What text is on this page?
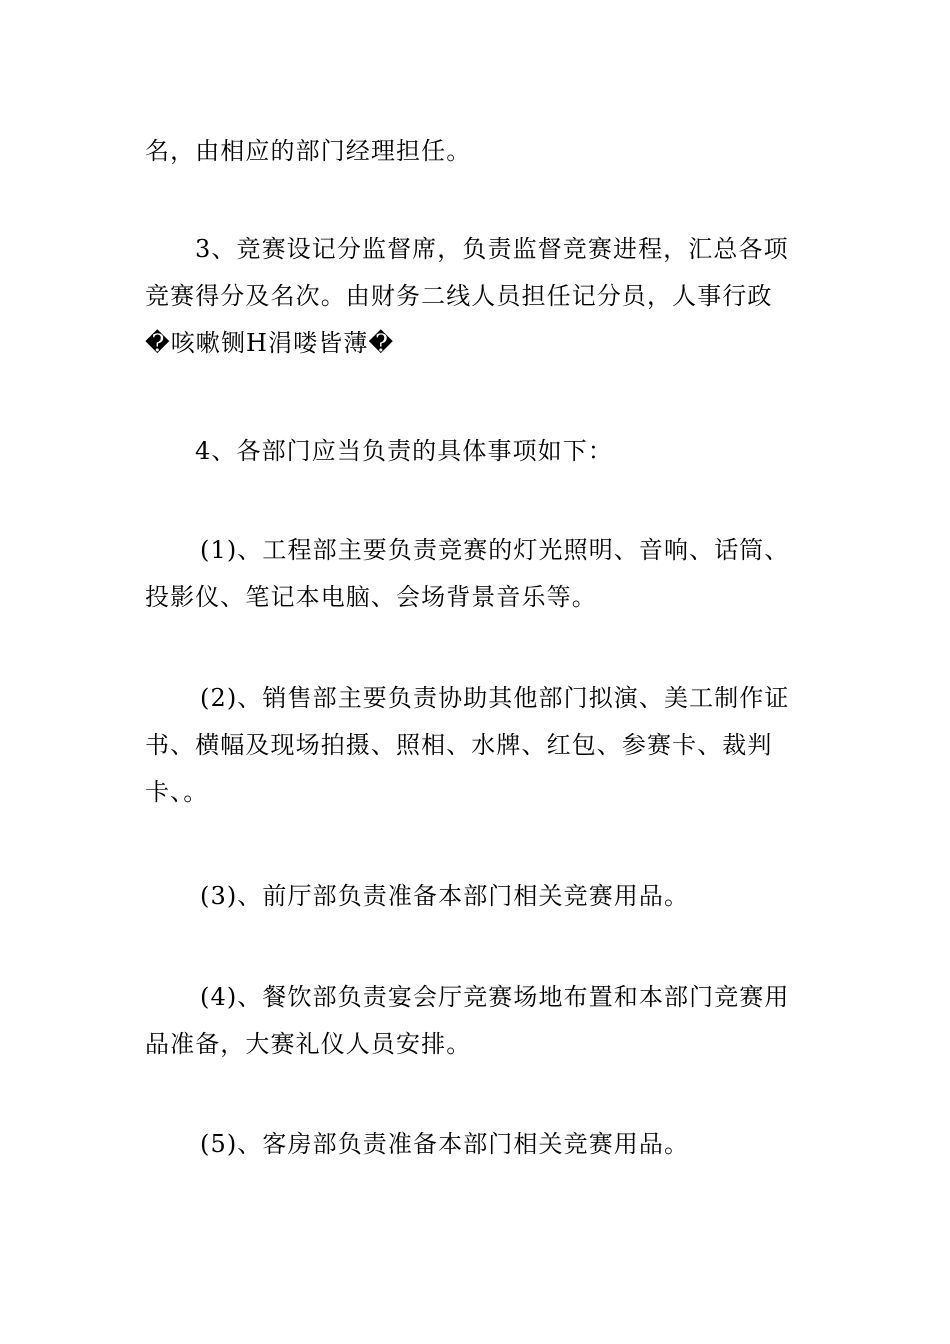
名，由相应的部门经理担任。

3、竞赛设记分监督席，负责监督竞赛进程，汇总各项
竞赛得分及名次。由财务二线人员担任记分员，人事行政
�咳嗽铡H涓喽皆薄�

4、各部门应当负责的具体事项如下：

(1)、工程部主要负责竞赛的灯光照明、音响、话筒、
投影仪、笔记本电脑、会场背景音乐等。

(2)、销售部主要负责协助其他部门拟演、美工制作证
书、横幅及现场拍摄、照相、水牌、红包、参赛卡、裁判
卡、。

(3)、前厅部负责准备本部门相关竞赛用品。

(4)、餐饮部负责宴会厅竞赛场地布置和本部门竞赛用
品准备，大赛礼仪人员安排。

(5)、客房部负责准备本部门相关竞赛用品。
